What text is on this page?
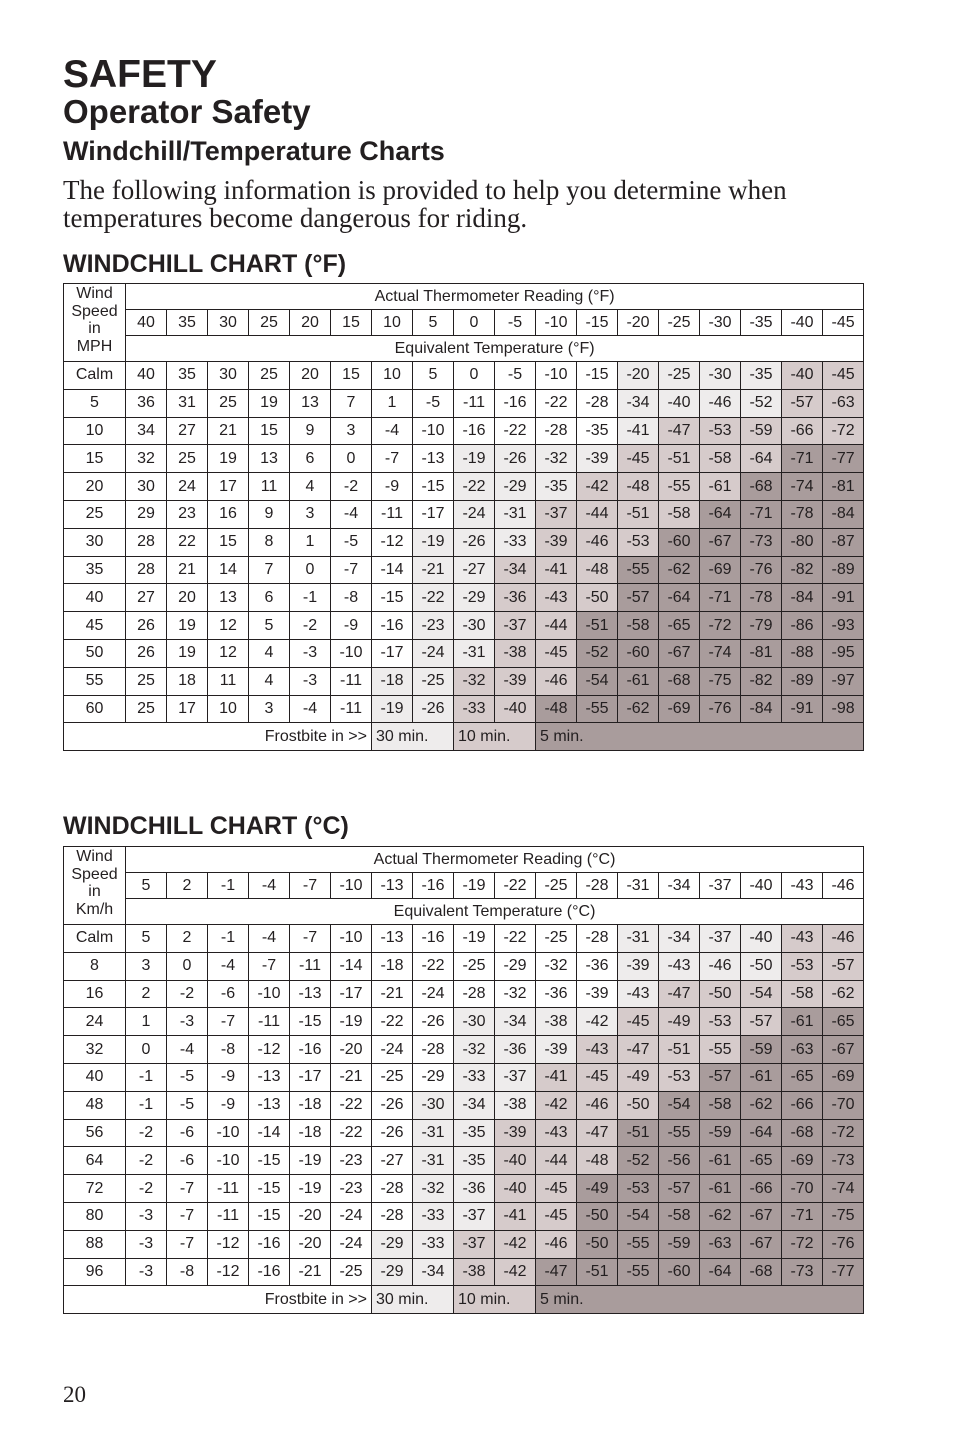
SAFETY
Operator Safety
Windchill/Temperature Charts

The following information is provided to help you determine when temperatures become dangerous for riding.

WINDCHILL CHART (°F)
Wind
Speed
in
MPH	Actual Thermometer Reading (°F)																	
	40	35	30	25	20	15	10	5	0	-5	-10	-15	-20	-25	-30	-35	-40	-45
	Equivalent Temperature (°F)																	
Calm	40	35	30	25	20	15	10	5	0	-5	-10	-15	-20	-25	-30	-35	-40	-45
5	36	31	25	19	13	7	1	-5	-11	-16	-22	-28	-34	-40	-46	-52	-57	-63
10	34	27	21	15	9	3	-4	-10	-16	-22	-28	-35	-41	-47	-53	-59	-66	-72
15	32	25	19	13	6	0	-7	-13	-19	-26	-32	-39	-45	-51	-58	-64	-71	-77
20	30	24	17	11	4	-2	-9	-15	-22	-29	-35	-42	-48	-55	-61	-68	-74	-81
25	29	23	16	9	3	-4	-11	-17	-24	-31	-37	-44	-51	-58	-64	-71	-78	-84
30	28	22	15	8	1	-5	-12	-19	-26	-33	-39	-46	-53	-60	-67	-73	-80	-87
35	28	21	14	7	0	-7	-14	-21	-27	-34	-41	-48	-55	-62	-69	-76	-82	-89
40	27	20	13	6	-1	-8	-15	-22	-29	-36	-43	-50	-57	-64	-71	-78	-84	-91
45	26	19	12	5	-2	-9	-16	-23	-30	-37	-44	-51	-58	-65	-72	-79	-86	-93
50	26	19	12	4	-3	-10	-17	-24	-31	-38	-45	-52	-60	-67	-74	-81	-88	-95
55	25	18	11	4	-3	-11	-18	-25	-32	-39	-46	-54	-61	-68	-75	-82	-89	-97
60	25	17	10	3	-4	-11	-19	-26	-33	-40	-48	-55	-62	-69	-76	-84	-91	-98
Frostbite in >>							30 min.		10 min.		5 min.							
WINDCHILL CHART (°C)
Wind
Speed
in
Km/h	Actual Thermometer Reading (°C)																	
	5	2	-1	-4	-7	-10	-13	-16	-19	-22	-25	-28	-31	-34	-37	-40	-43	-46
	Equivalent Temperature (°C)																	
Calm	5	2	-1	-4	-7	-10	-13	-16	-19	-22	-25	-28	-31	-34	-37	-40	-43	-46
8	3	0	-4	-7	-11	-14	-18	-22	-25	-29	-32	-36	-39	-43	-46	-50	-53	-57
16	2	-2	-6	-10	-13	-17	-21	-24	-28	-32	-36	-39	-43	-47	-50	-54	-58	-62
24	1	-3	-7	-11	-15	-19	-22	-26	-30	-34	-38	-42	-45	-49	-53	-57	-61	-65
32	0	-4	-8	-12	-16	-20	-24	-28	-32	-36	-39	-43	-47	-51	-55	-59	-63	-67
40	-1	-5	-9	-13	-17	-21	-25	-29	-33	-37	-41	-45	-49	-53	-57	-61	-65	-69
48	-1	-5	-9	-13	-18	-22	-26	-30	-34	-38	-42	-46	-50	-54	-58	-62	-66	-70
56	-2	-6	-10	-14	-18	-22	-26	-31	-35	-39	-43	-47	-51	-55	-59	-64	-68	-72
64	-2	-6	-10	-15	-19	-23	-27	-31	-35	-40	-44	-48	-52	-56	-61	-65	-69	-73
72	-2	-7	-11	-15	-19	-23	-28	-32	-36	-40	-45	-49	-53	-57	-61	-66	-70	-74
80	-3	-7	-11	-15	-20	-24	-28	-33	-37	-41	-45	-50	-54	-58	-62	-67	-71	-75
88	-3	-7	-12	-16	-20	-24	-29	-33	-37	-42	-46	-50	-55	-59	-63	-67	-72	-76
96	-3	-8	-12	-16	-21	-25	-29	-34	-38	-42	-47	-51	-55	-60	-64	-68	-73	-77
Frostbite in >>							30 min.		10 min.		5 min.							

20
